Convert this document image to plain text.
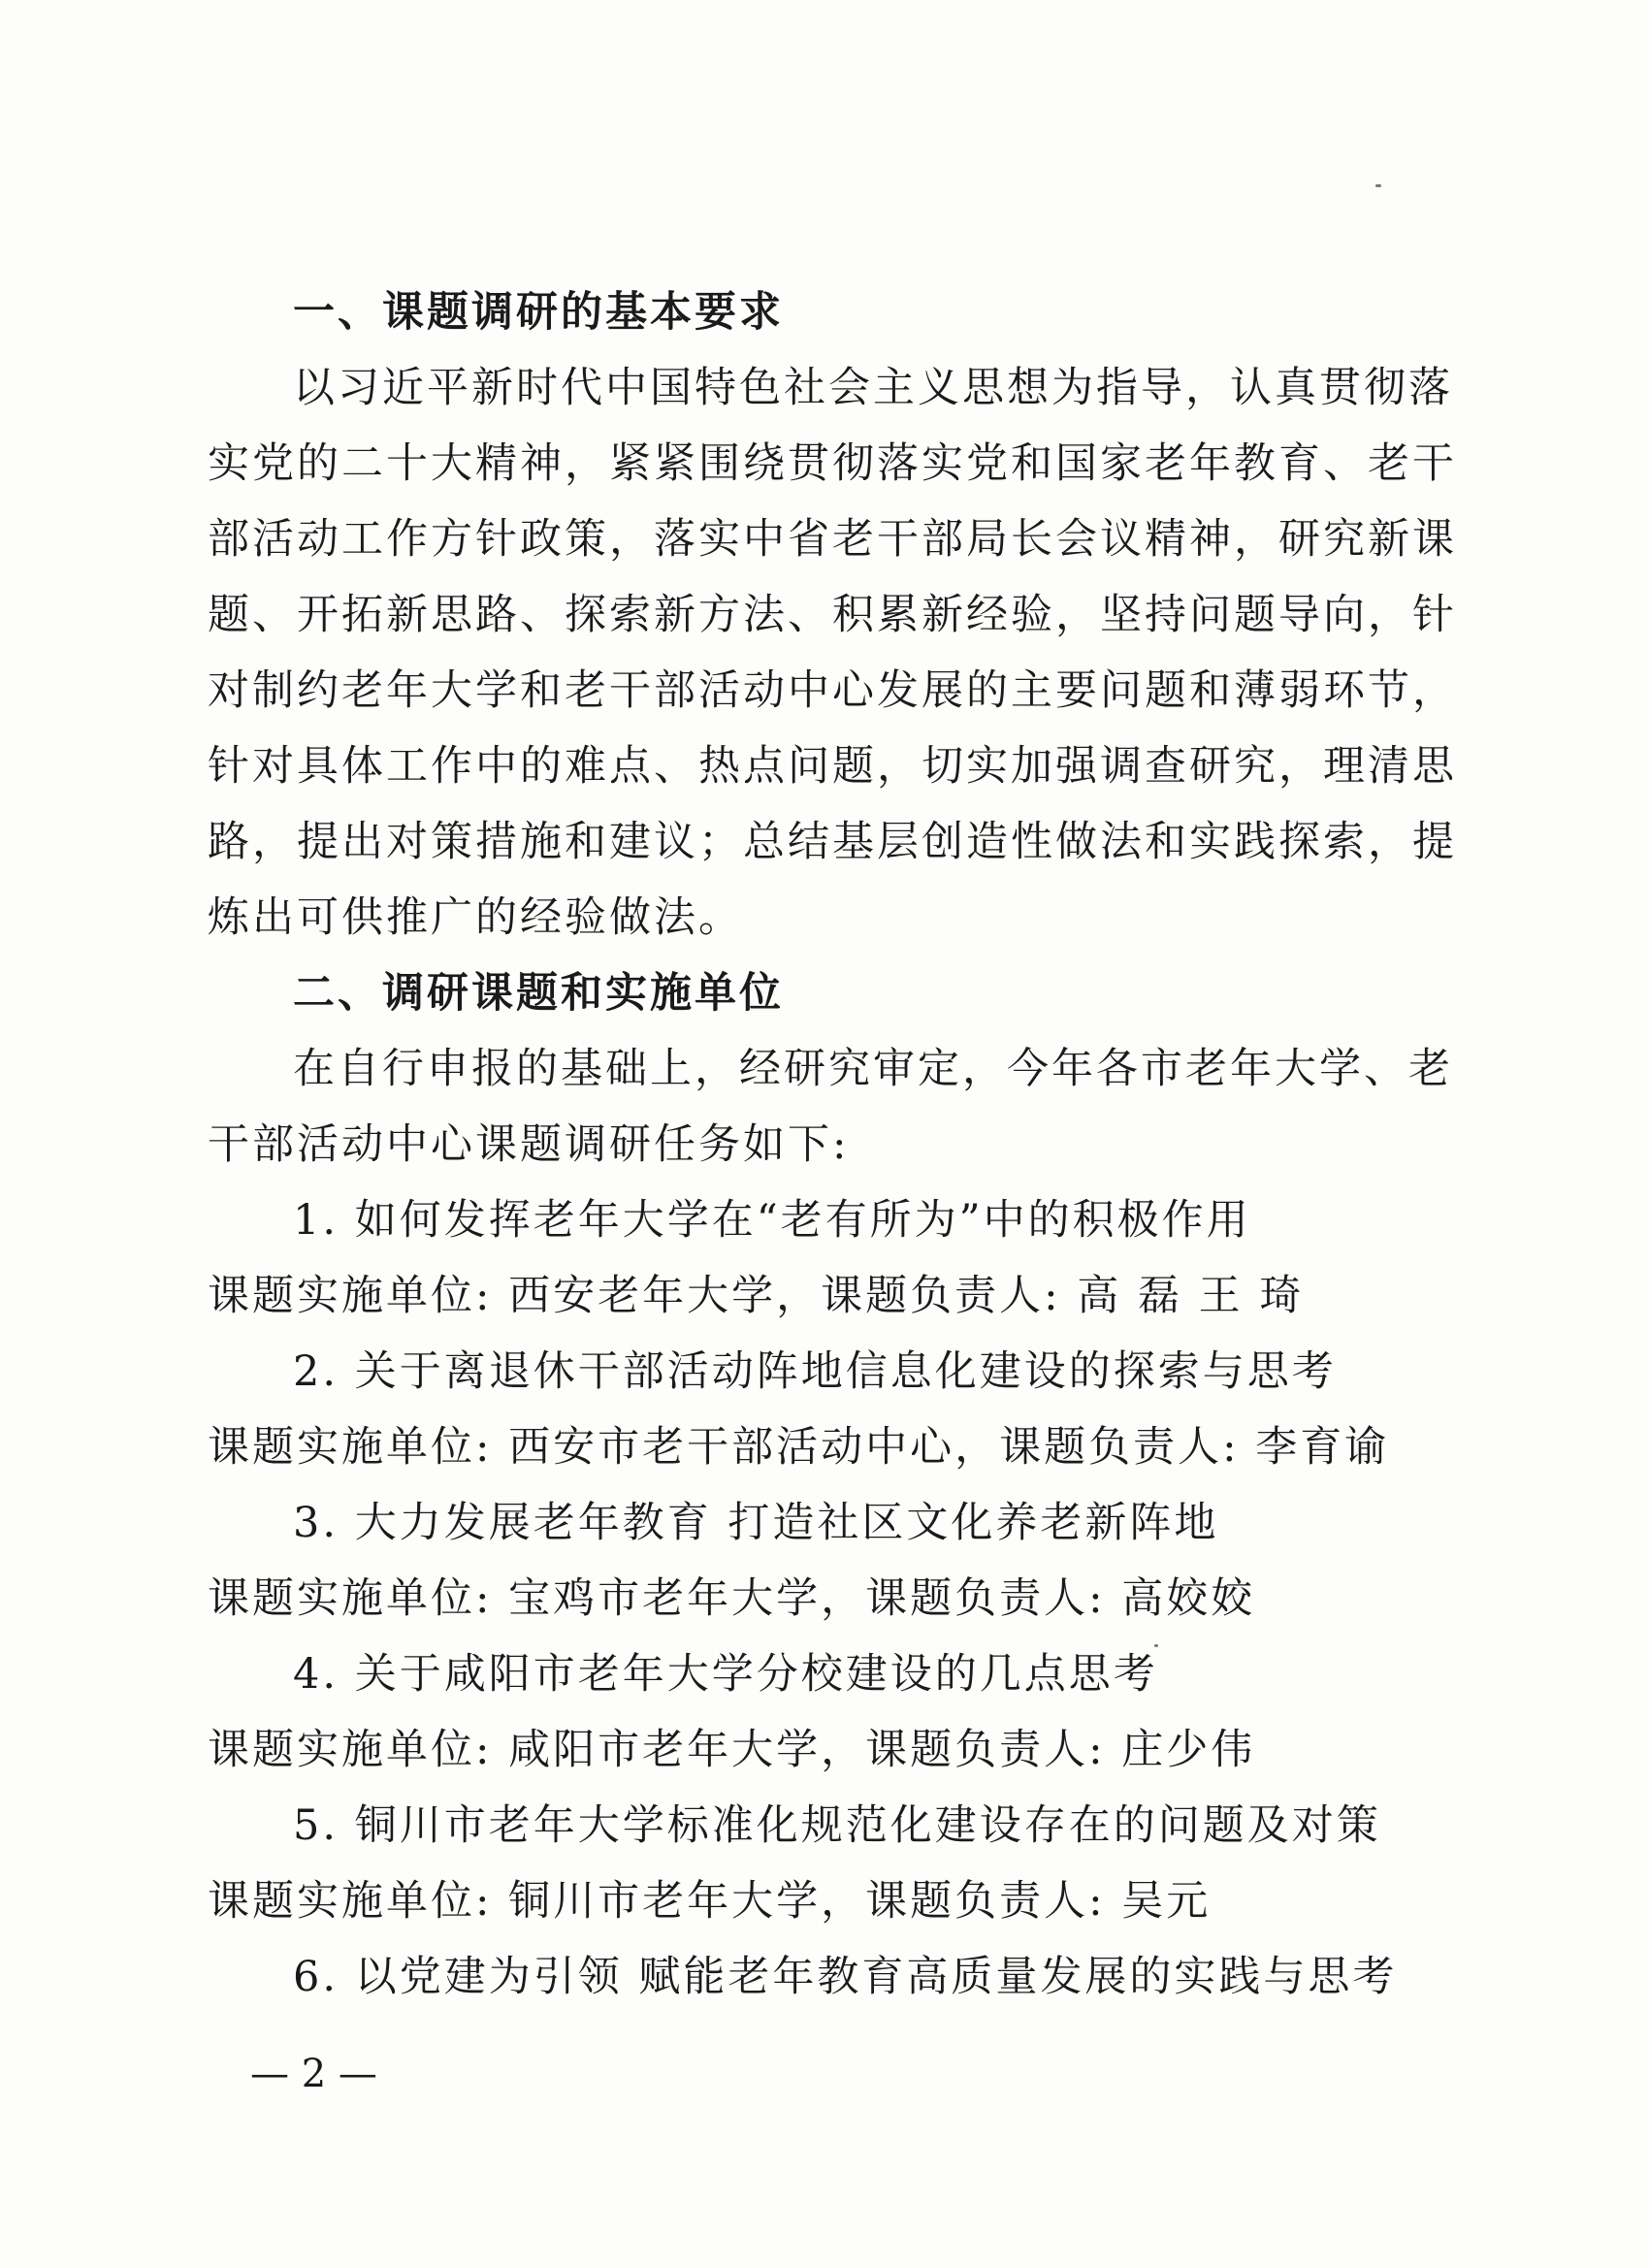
一、课题调研的基本要求
以习近平新时代中国特色社会主义思想为指导，认真贯彻落
实党的二十大精神，紧紧围绕贯彻落实党和国家老年教育、老干
部活动工作方针政策，落实中省老干部局长会议精神，研究新课
题、开拓新思路、探索新方法、积累新经验，坚持问题导向，针
对制约老年大学和老干部活动中心发展的主要问题和薄弱环节，
针对具体工作中的难点、热点问题，切实加强调查研究，理清思
路，提出对策措施和建议；总结基层创造性做法和实践探索，提
炼出可供推广的经验做法。
二、调研课题和实施单位
在自行申报的基础上，经研究审定，今年各市老年大学、老
干部活动中心课题调研任务如下:
1. 如何发挥老年大学在“老有所为”中的积极作用
课题实施单位: 西安老年大学，课题负责人: 高 磊 王 琦
2. 关于离退休干部活动阵地信息化建设的探索与思考
课题实施单位: 西安市老干部活动中心，课题负责人: 李育谕
3. 大力发展老年教育 打造社区文化养老新阵地
课题实施单位: 宝鸡市老年大学，课题负责人: 高姣姣
4. 关于咸阳市老年大学分校建设的几点思考
课题实施单位: 咸阳市老年大学，课题负责人: 庄少伟
5. 铜川市老年大学标准化规范化建设存在的问题及对策
课题实施单位: 铜川市老年大学，课题负责人: 吴元
6. 以党建为引领 赋能老年教育高质量发展的实践与思考
— 2 —
